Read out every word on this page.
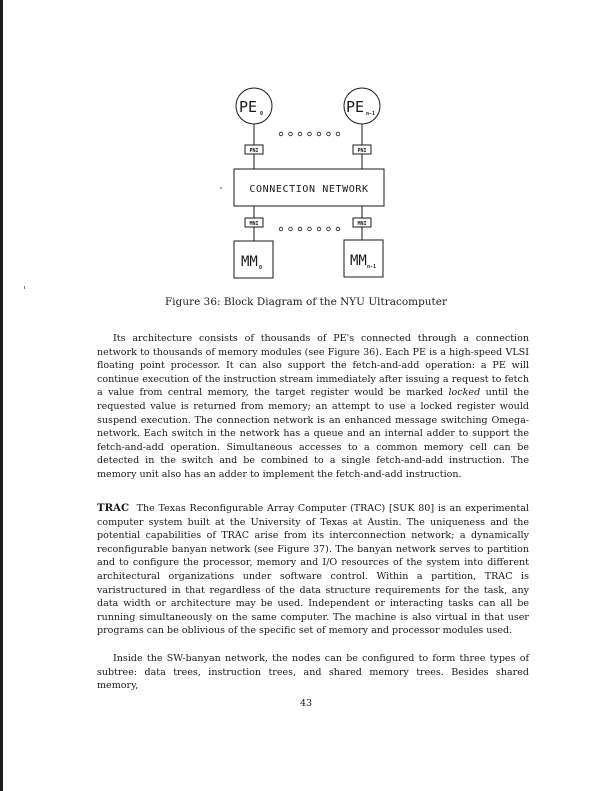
PE 0	PE n-1
PNI	PNI
CONNECTION NETWORK
MNI	MNI
MM 0	MM n-1
Figure 36: Block Diagram of the NYU Ultracomputer

Its architecture consists of thousands of PE's connected through a connection network to thousands of memory modules (see Figure 36). Each PE is a high-speed VLSI floating point processor. It can also support the fetch-and-add operation: a PE will continue execution of the instruction stream immediately after issuing a request to fetch a value from central memory, the target register would be marked locked until the requested value is returned from memory; an attempt to use a locked register would suspend execution. The connection network is an enhanced message switching Omega-network. Each switch in the network has a queue and an internal adder to support the fetch-and-add operation. Simultaneous accesses to a common memory cell can be detected in the switch and be combined to a single fetch-and-add instruction. The memory unit also has an adder to implement the fetch-and-add instruction.

TRAC The Texas Reconfigurable Array Computer (TRAC) [SUK 80] is an experimental computer system built at the University of Texas at Austin. The uniqueness and the potential capabilities of TRAC arise from its interconnection network; a dynamically reconfigurable banyan network (see Figure 37). The banyan network serves to partition and to configure the processor, memory and I/O resources of the system into different architectural organizations under software control. Within a partition, TRAC is varistructured in that regardless of the data structure requirements for the task, any data width or architecture may be used. Independent or interacting tasks can all be running simultaneously on the same computer. The machine is also virtual in that user programs can be oblivious of the specific set of memory and processor modules used.

Inside the SW-banyan network, the nodes can be configured to form three types of subtree: data trees, instruction trees, and shared memory trees. Besides shared memory,

43
